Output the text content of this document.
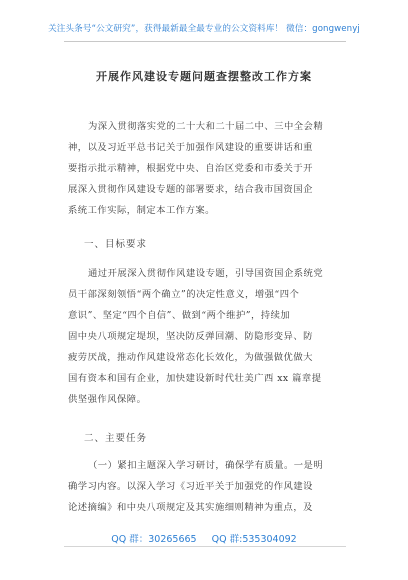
关注头条号“公文研究”，获得最新最全最专业的公文资料库！ 微信：gongwenyj
开展作风建设专题问题查摆整改工作方案
为深入贯彻落实党的二十大和二十届二中、三中全会精
神，以及习近平总书记关于加强作风建设的重要讲话和重
要指示批示精神，根据党中央、自治区党委和市委关于开
展深入贯彻作风建设专题的部署要求，结合我市国资国企
系统工作实际，制定本工作方案。
一、目标要求
通过开展深入贯彻作风建设专题，引导国资国企系统党
员干部深刻领悟“两个确立”的决定性意义，增强“四个
意识”、坚定“四个自信”、做到“两个维护”，持续加
固中央八项规定堤坝，坚决防反弹回潮、防隐形变异、防
疲劳厌战，推动作风建设常态化长效化，为做强做优做大
国有资本和国有企业，加快建设新时代壮美广西 xx 篇章提
供坚强作风保障。
二、主要任务
（一）紧扣主题深入学习研讨，确保学有质量。一是明
确学习内容。以深入学习《习近平关于加强党的作风建设
论述摘编》和中央八项规定及其实施细则精神为重点，及
QQ 群：30265665 QQ 群:535304092
